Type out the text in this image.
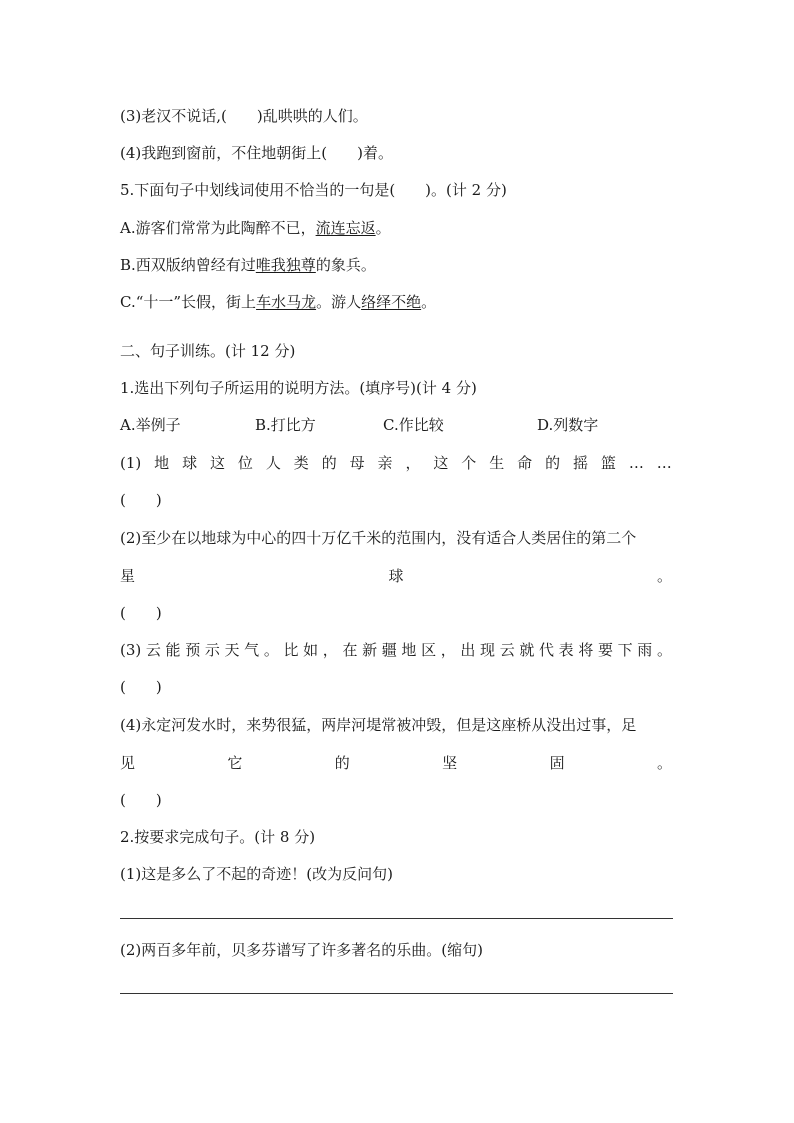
(3)老汉不说话,(　　)乱哄哄的人们。
(4)我跑到窗前，不住地朝街上(　　)着。
5.下面句子中划线词使用不恰当的一句是(　　)。(计 2 分)
A.游客们常常为此陶醉不已，流连忘返。
B.西双版纳曾经有过唯我独尊的象兵。
C.“十一”长假，街上车水马龙。游人络绎不绝。
二、句子训练。(计 12 分)
1.选出下列句子所运用的说明方法。(填序号)(计 4 分)
A.举例子	B.打比方	C.作比较	D.列数字
(1) 地 球 这 位 人 类 的 母 亲 ， 这 个 生 命 的 摇 篮 … …
(　　)
(2)至少在以地球为中心的四十万亿千米的范围内，没有适合人类居住的第二个
星	球	。
(　　)
(3) 云 能 预 示 天 气 。 比 如 ， 在 新 疆 地 区 ， 出 现 云 就 代 表 将 要 下 雨 。
(　　)
(4)永定河发水时，来势很猛，两岸河堤常被冲毁，但是这座桥从没出过事，足
见	它	的	坚	固	。
(　　)
2.按要求完成句子。(计 8 分)
(1)这是多么了不起的奇迹！(改为反问句)
(2)两百多年前，贝多芬谱写了许多著名的乐曲。(缩句)
